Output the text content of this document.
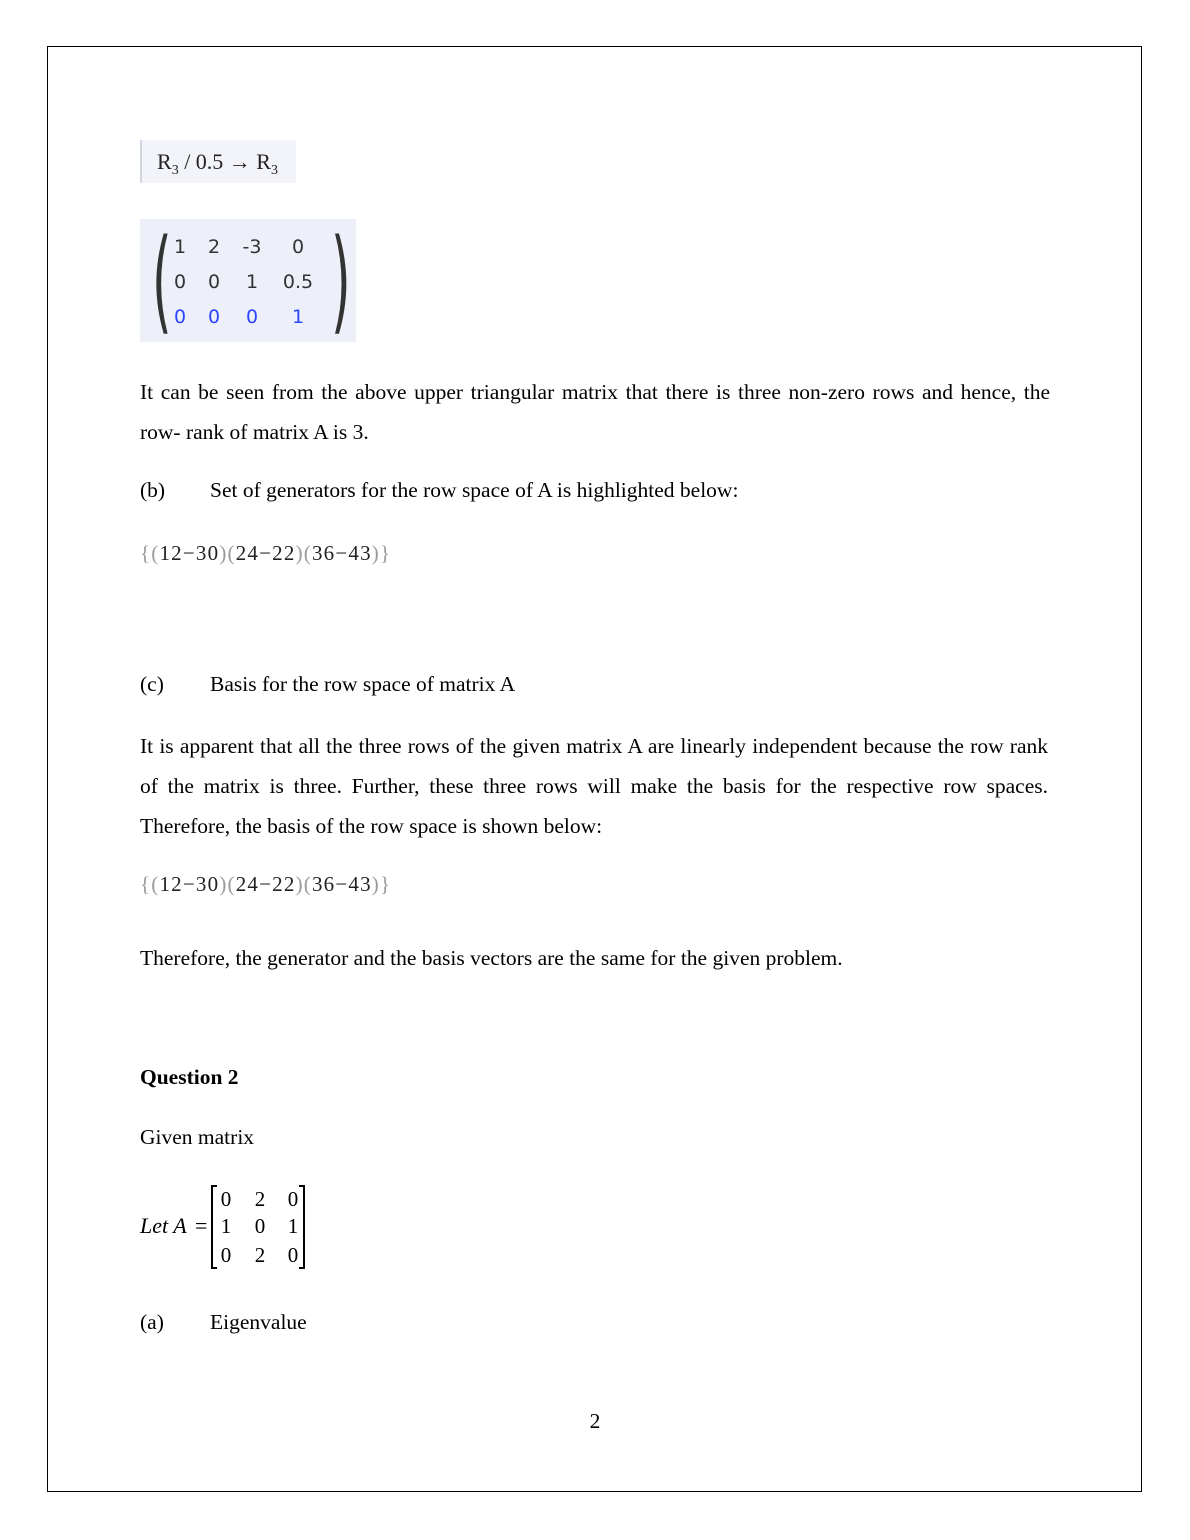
$R_3 / 0.5 \to R_3$
( )
1	2	-3	0
0	0	1	0.5
0	0	0	1

It can be seen from the above upper triangular matrix that there is three non-zero rows and hence, the row- rank of matrix A is 3.

(b) Set of generators for the row space of A is highlighted below:
{(12−30)(24−22)(36−43)}
(c) Basis for the row space of matrix A

It is apparent that all the three rows of the given matrix A are linearly independent because the row rank of the matrix is three. Further, these three rows will make the basis for the respective row spaces. Therefore, the basis of the row space is shown below:

{(12−30)(24−22)(36−43)}
Therefore, the generator and the basis vectors are the same for the given problem.
Question 2
Given matrix
Let A =
0 2 0
1 0 1
0 2 0
(a) Eigenvalue
2
